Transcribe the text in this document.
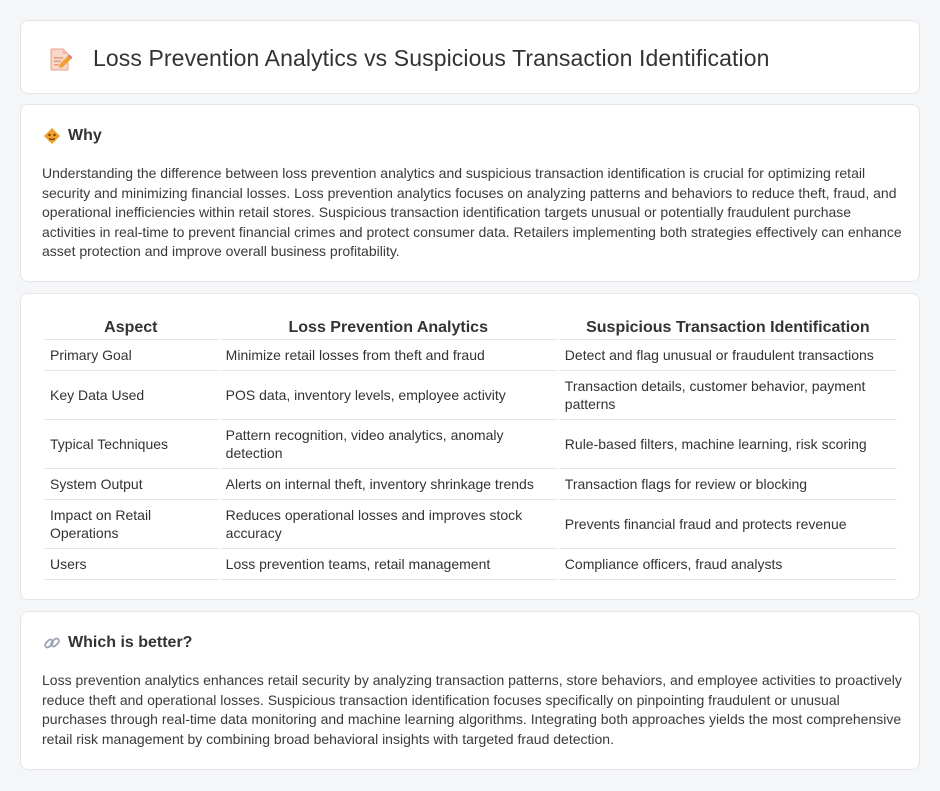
Loss Prevention Analytics vs Suspicious Transaction Identification
Why

Understanding the difference between loss prevention analytics and suspicious transaction identification is crucial for optimizing retail security and minimizing financial losses. Loss prevention analytics focuses on analyzing patterns and behaviors to reduce theft, fraud, and operational inefficiencies within retail stores. Suspicious transaction identification targets unusual or potentially fraudulent purchase activities in real-time to prevent financial crimes and protect consumer data. Retailers implementing both strategies effectively can enhance asset protection and improve overall business profitability.

Aspect	Loss Prevention Analytics	Suspicious Transaction Identification
Primary Goal	Minimize retail losses from theft and fraud	Detect and flag unusual or fraudulent transactions
Key Data Used	POS data, inventory levels, employee activity	Transaction details, customer behavior, payment patterns
Typical Techniques	Pattern recognition, video analytics, anomaly detection	Rule-based filters, machine learning, risk scoring
System Output	Alerts on internal theft, inventory shrinkage trends	Transaction flags for review or blocking
Impact on Retail Operations	Reduces operational losses and improves stock accuracy	Prevents financial fraud and protects revenue
Users	Loss prevention teams, retail management	Compliance officers, fraud analysts
Which is better?

Loss prevention analytics enhances retail security by analyzing transaction patterns, store behaviors, and employee activities to proactively reduce theft and operational losses. Suspicious transaction identification focuses specifically on pinpointing fraudulent or unusual purchases through real-time data monitoring and machine learning algorithms. Integrating both approaches yields the most comprehensive retail risk management by combining broad behavioral insights with targeted fraud detection.
